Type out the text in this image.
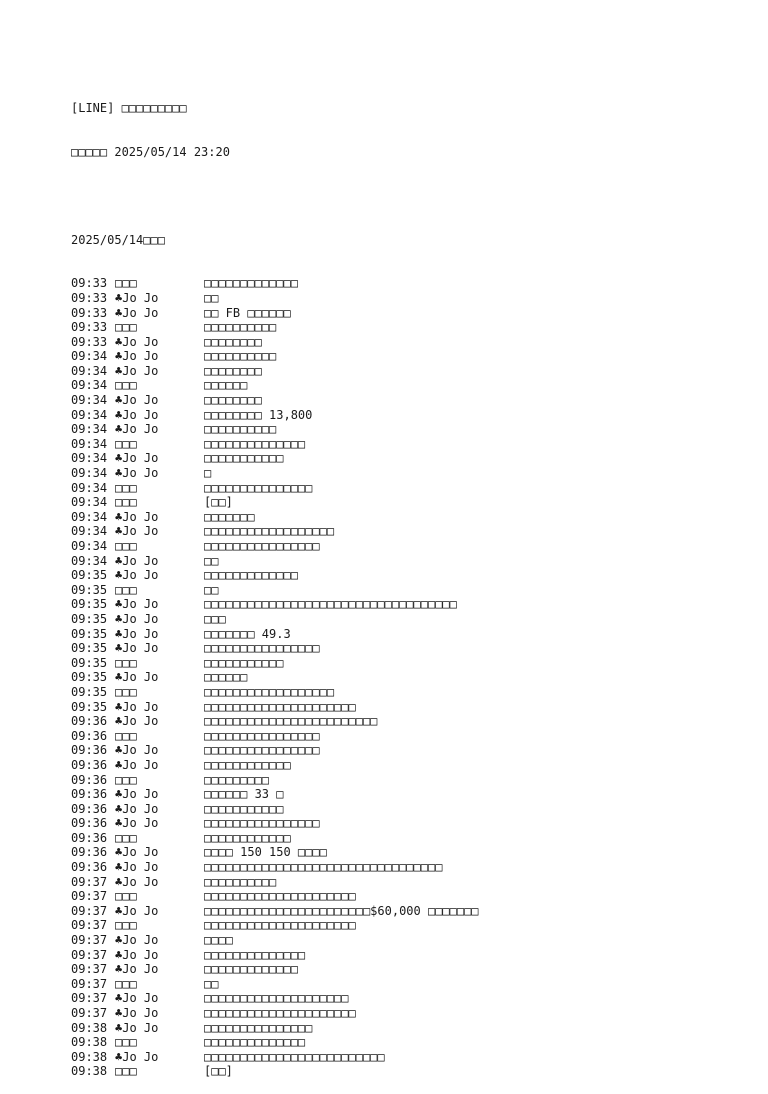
[LINE] □□□□□□□□□

□□□□□ 2025/05/14 23:20

2025/05/14□□□

09:33 □□□	□□□□□□□□□□□□□
09:33 ♣Jo Jo	□□
09:33 ♣Jo Jo	□□ FB □□□□□□
09:33 □□□	□□□□□□□□□□
09:33 ♣Jo Jo	□□□□□□□□
09:34 ♣Jo Jo	□□□□□□□□□□
09:34 ♣Jo Jo	□□□□□□□□
09:34 □□□	□□□□□□
09:34 ♣Jo Jo	□□□□□□□□
09:34 ♣Jo Jo	□□□□□□□□ 13,800
09:34 ♣Jo Jo	□□□□□□□□□□
09:34 □□□	□□□□□□□□□□□□□□
09:34 ♣Jo Jo	□□□□□□□□□□□
09:34 ♣Jo Jo	□
09:34 □□□	□□□□□□□□□□□□□□□
09:34 □□□	[□□]
09:34 ♣Jo Jo	□□□□□□□
09:34 ♣Jo Jo	□□□□□□□□□□□□□□□□□□
09:34 □□□	□□□□□□□□□□□□□□□□
09:34 ♣Jo Jo	□□
09:35 ♣Jo Jo	□□□□□□□□□□□□□
09:35 □□□	□□
09:35 ♣Jo Jo	□□□□□□□□□□□□□□□□□□□□□□□□□□□□□□□□□□□
09:35 ♣Jo Jo	□□□
09:35 ♣Jo Jo	□□□□□□□ 49.3
09:35 ♣Jo Jo	□□□□□□□□□□□□□□□□
09:35 □□□	□□□□□□□□□□□
09:35 ♣Jo Jo	□□□□□□
09:35 □□□	□□□□□□□□□□□□□□□□□□
09:35 ♣Jo Jo	□□□□□□□□□□□□□□□□□□□□□
09:36 ♣Jo Jo	□□□□□□□□□□□□□□□□□□□□□□□□
09:36 □□□	□□□□□□□□□□□□□□□□
09:36 ♣Jo Jo	□□□□□□□□□□□□□□□□
09:36 ♣Jo Jo	□□□□□□□□□□□□
09:36 □□□	□□□□□□□□□
09:36 ♣Jo Jo	□□□□□□ 33 □
09:36 ♣Jo Jo	□□□□□□□□□□□
09:36 ♣Jo Jo	□□□□□□□□□□□□□□□□
09:36 □□□	□□□□□□□□□□□□
09:36 ♣Jo Jo	□□□□ 150 150 □□□□
09:36 ♣Jo Jo	□□□□□□□□□□□□□□□□□□□□□□□□□□□□□□□□□
09:37 ♣Jo Jo	□□□□□□□□□□
09:37 □□□	□□□□□□□□□□□□□□□□□□□□□
09:37 ♣Jo Jo	□□□□□□□□□□□□□□□□□□□□□□□$60,000 □□□□□□□
09:37 □□□	□□□□□□□□□□□□□□□□□□□□□
09:37 ♣Jo Jo	□□□□
09:37 ♣Jo Jo	□□□□□□□□□□□□□□
09:37 ♣Jo Jo	□□□□□□□□□□□□□
09:37 □□□	□□
09:37 ♣Jo Jo	□□□□□□□□□□□□□□□□□□□□
09:37 ♣Jo Jo	□□□□□□□□□□□□□□□□□□□□□
09:38 ♣Jo Jo	□□□□□□□□□□□□□□□
09:38 □□□	□□□□□□□□□□□□□□
09:38 ♣Jo Jo	□□□□□□□□□□□□□□□□□□□□□□□□□
09:38 □□□	[□□]
